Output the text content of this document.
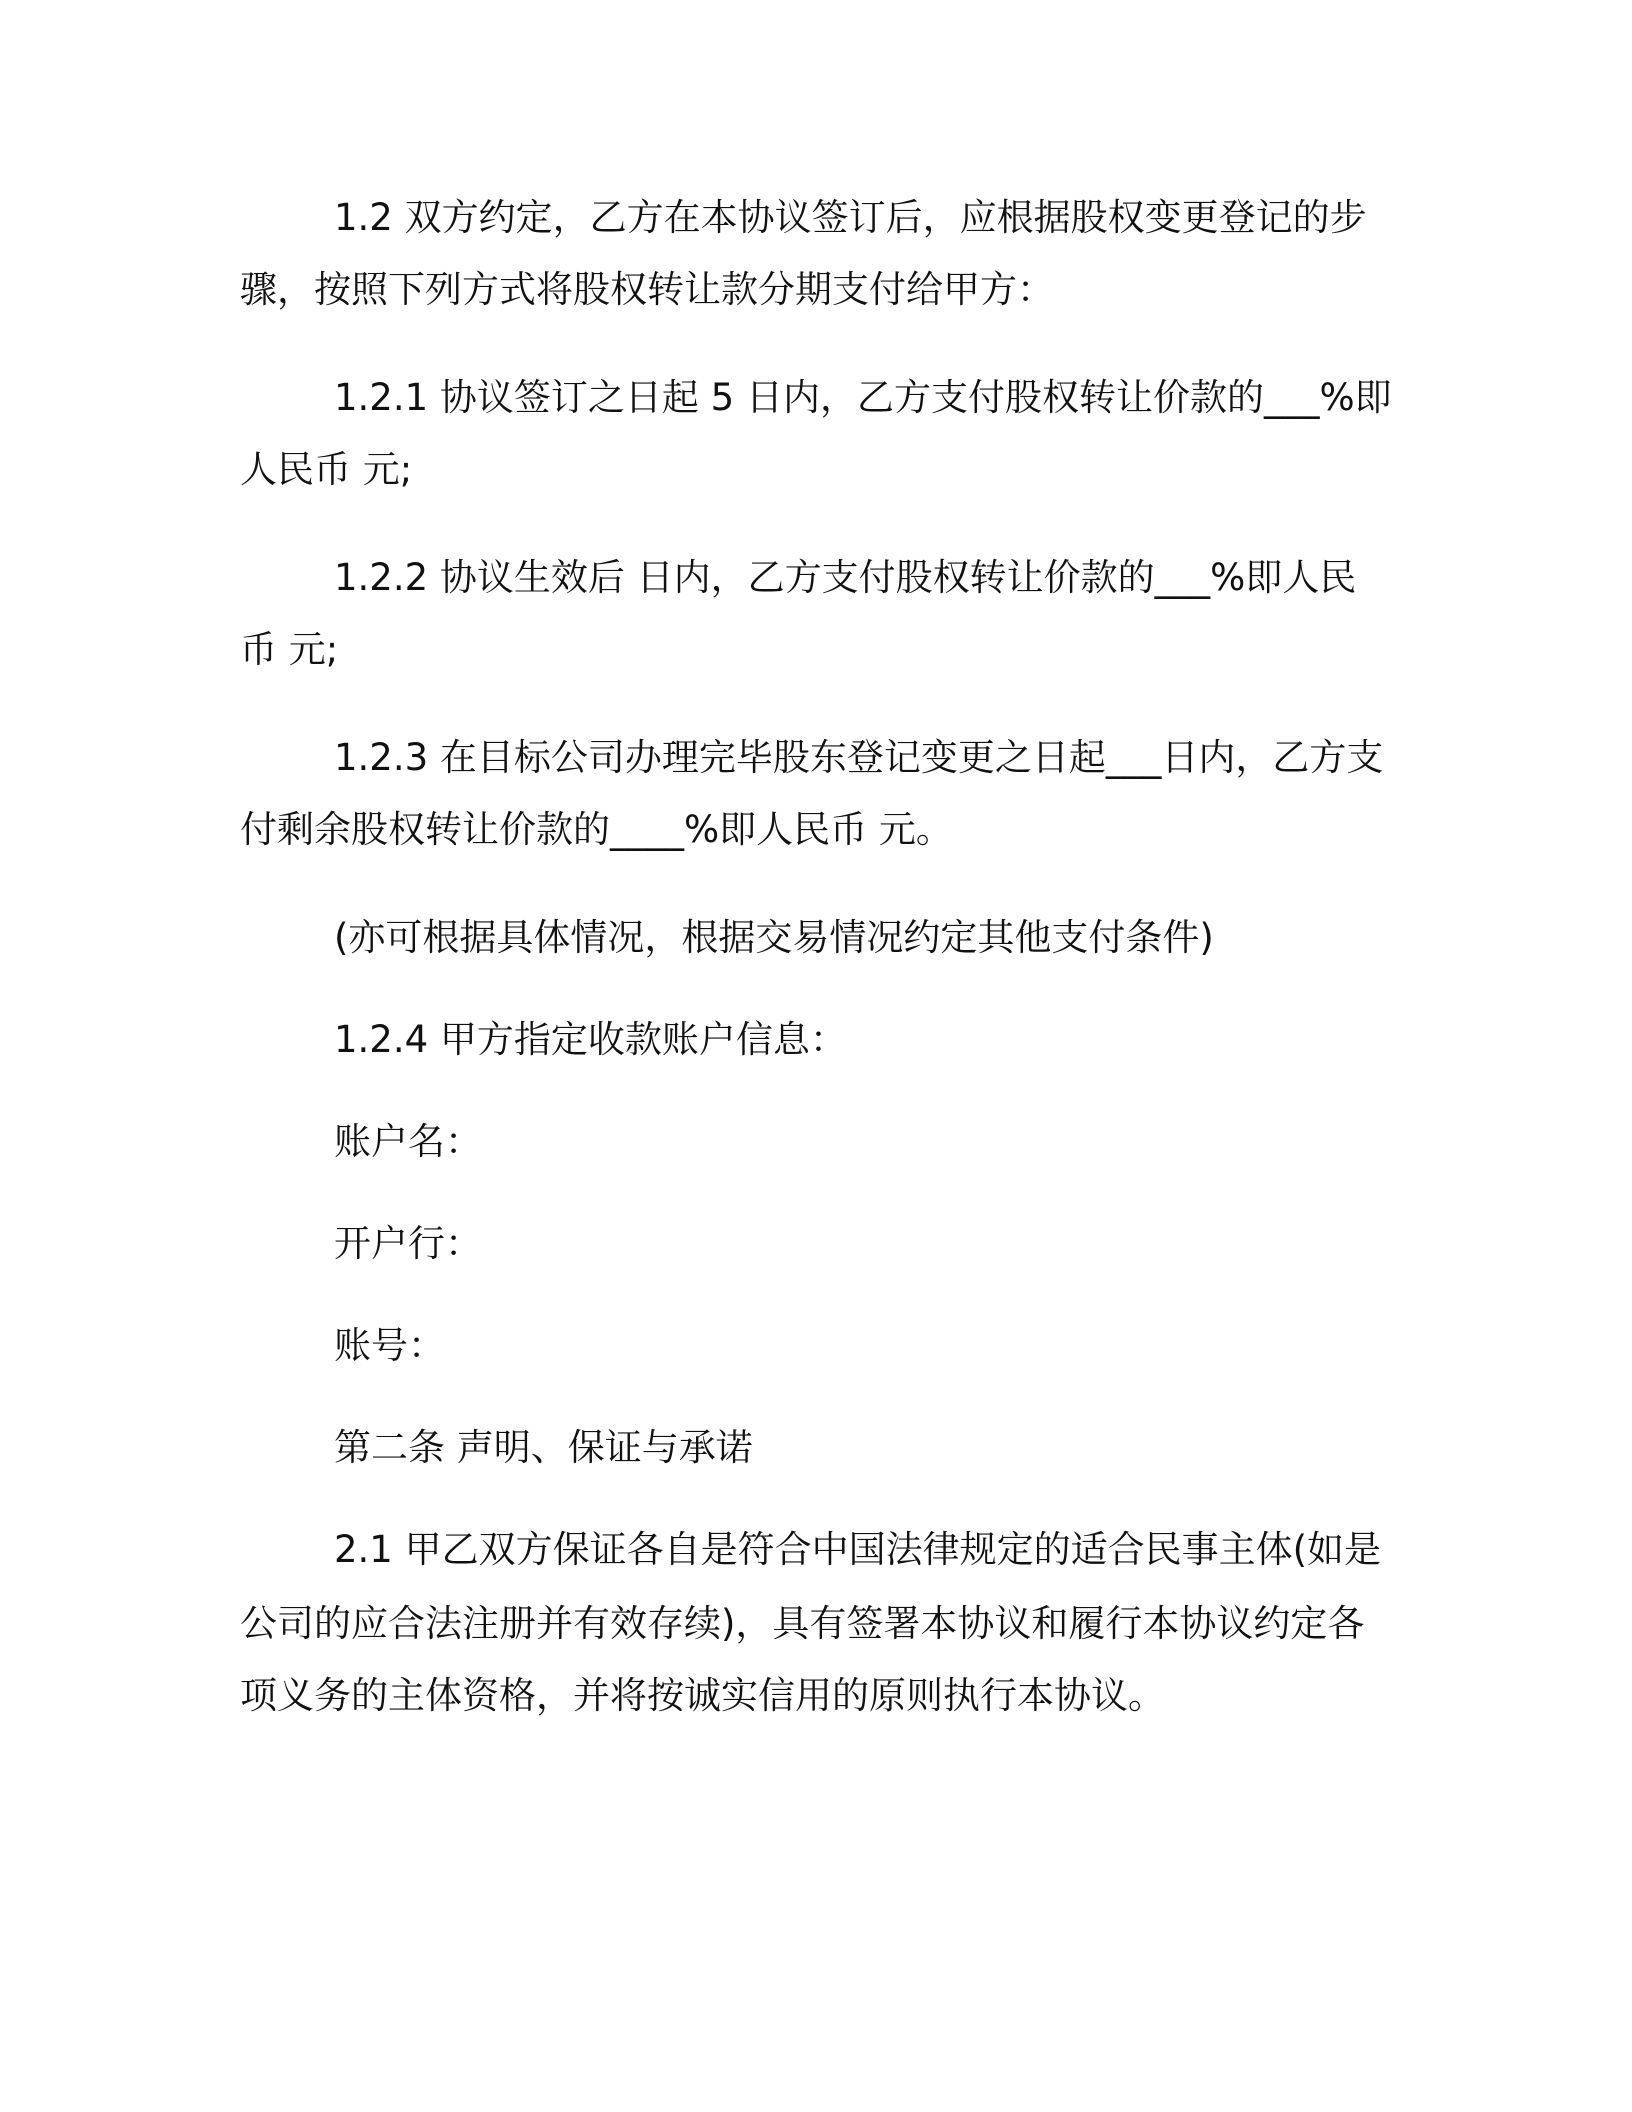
1.2 双方约定，乙方在本协议签订后，应根据股权变更登记的步

骤，按照下列方式将股权转让款分期支付给甲方：

1.2.1 协议签订之日起 5 日内，乙方支付股权转让价款的___%即

人民币 元;

1.2.2 协议生效后 日内，乙方支付股权转让价款的___%即人民

币 元;

1.2.3 在目标公司办理完毕股东登记变更之日起___日内，乙方支

付剩余股权转让价款的____%即人民币 元。

(亦可根据具体情况，根据交易情况约定其他支付条件)

1.2.4 甲方指定收款账户信息：

账户名：

开户行：

账号：

第二条 声明、保证与承诺

2.1 甲乙双方保证各自是符合中国法律规定的适合民事主体(如是

公司的应合法注册并有效存续)，具有签署本协议和履行本协议约定各

项义务的主体资格，并将按诚实信用的原则执行本协议。
